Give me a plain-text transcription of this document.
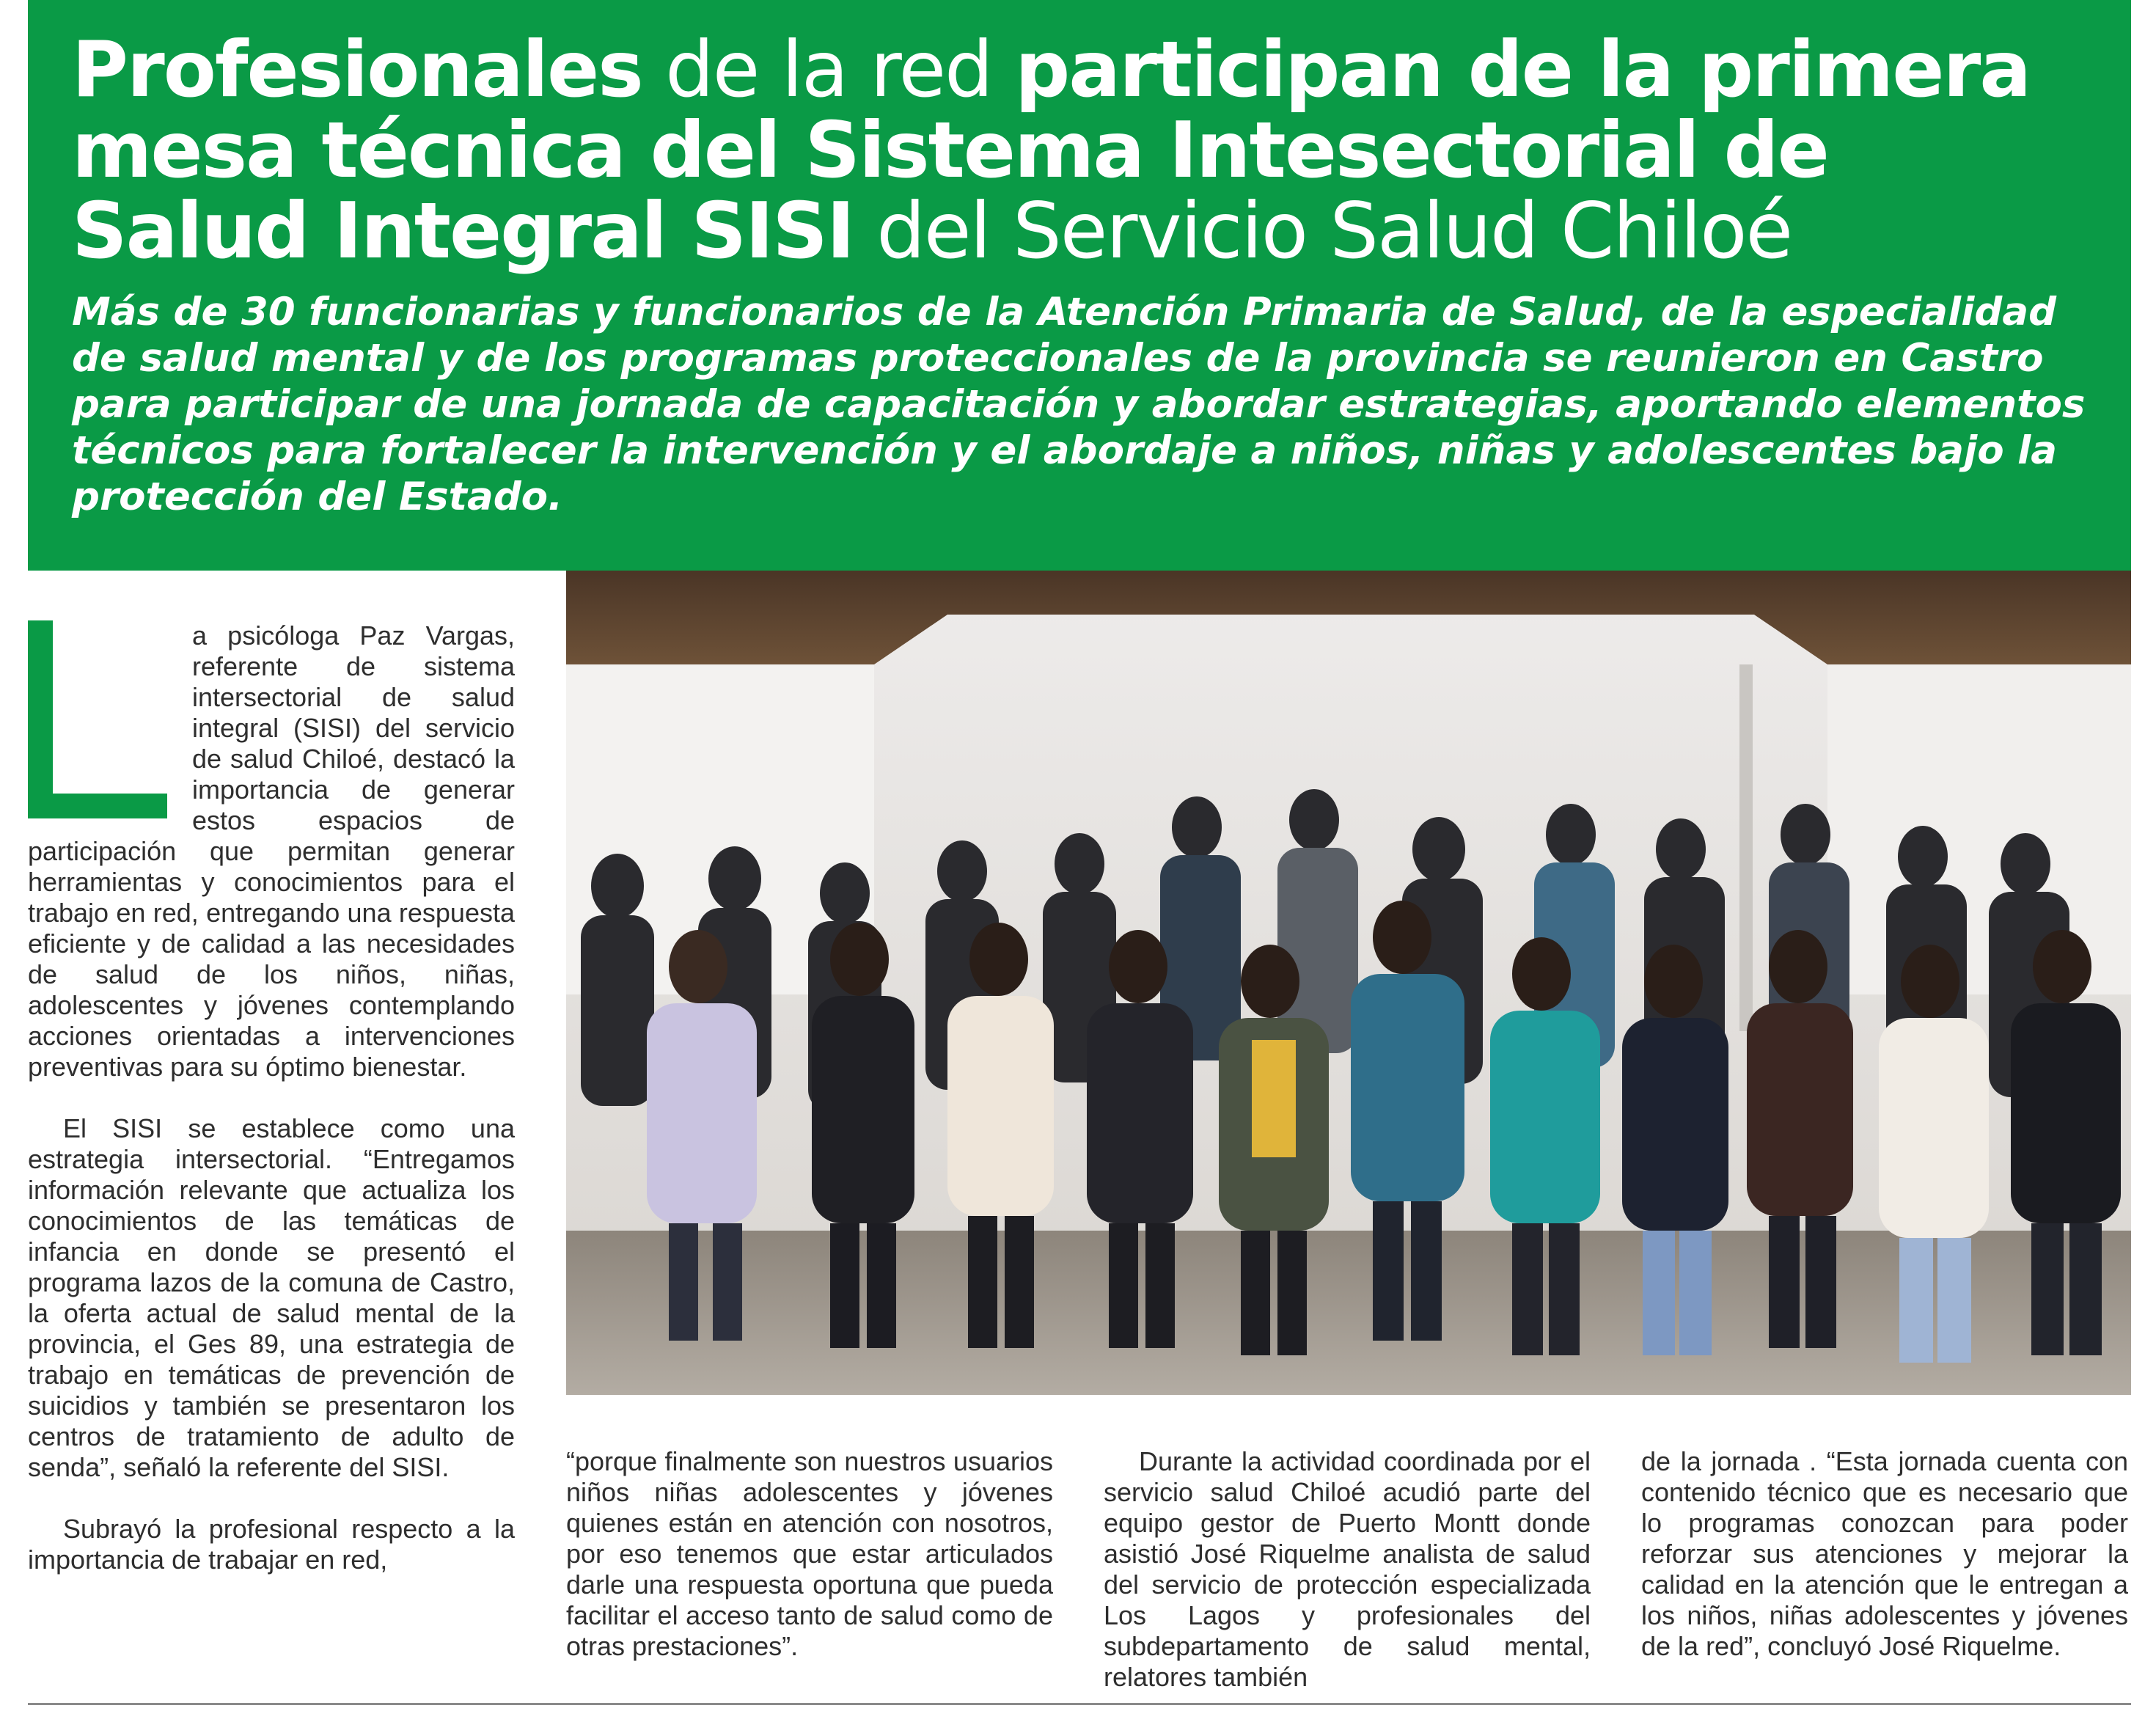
Profesionales de la red participan de la primera mesa técnica del Sistema Intesectorial de Salud Integral SISI del Servicio Salud Chiloé

Más de 30 funcionarias y funcionarios de la Atención Primaria de Salud, de la especialidad de salud mental y de los programas proteccionales de la provincia se reunieron en Castro para participar de una jornada de capacitación y abordar estrategias, aportando elementos técnicos para fortalecer la intervención y el abordaje a niños, niñas y adolescentes bajo la protección del Estado.

a psicóloga Paz Vargas, referente de sistema intersectorial de salud integral (SISI) del servicio de salud Chiloé, destacó la importancia de generar estos espacios de participación que permitan generar herramientas y conocimientos para el trabajo en red, entregando una respuesta eficiente y de calidad a las necesidades de salud de los niños, niñas, adolescentes y jóvenes contemplando acciones orientadas a intervenciones preventivas para su óptimo bienestar.

El SISI se establece como una estrategia intersectorial. “Entregamos información relevante que actualiza los conocimientos de las temáticas de infancia en donde se presentó el programa lazos de la comuna de Castro, la oferta actual de salud mental de la provincia, el Ges 89, una estrategia de trabajo en temáticas de prevención de suicidios y también se presentaron los centros de tratamiento de adulto de senda”, señaló la referente del SISI.

Subrayó la profesional respecto a la importancia de trabajar en red,

“porque finalmente son nuestros usuarios niños niñas adolescentes y jóvenes quienes están en atención con nosotros, por eso tenemos que estar articulados darle una respuesta oportuna que pueda facilitar el acceso tanto de salud como de otras prestaciones”.

Durante la actividad coordinada por el servicio salud Chiloé acudió parte del equipo gestor de Puerto Montt donde asistió José Riquelme analista de salud del servicio de protección especializada Los Lagos y profesionales del subdepartamento de salud mental, relatores también

de la jornada . “Esta jornada cuenta con contenido técnico que es necesario que lo programas conozcan para poder reforzar sus atenciones y mejorar la calidad en la atención que le entregan a los niños, niñas adolescentes y jóvenes de la red”, concluyó José Riquelme.
